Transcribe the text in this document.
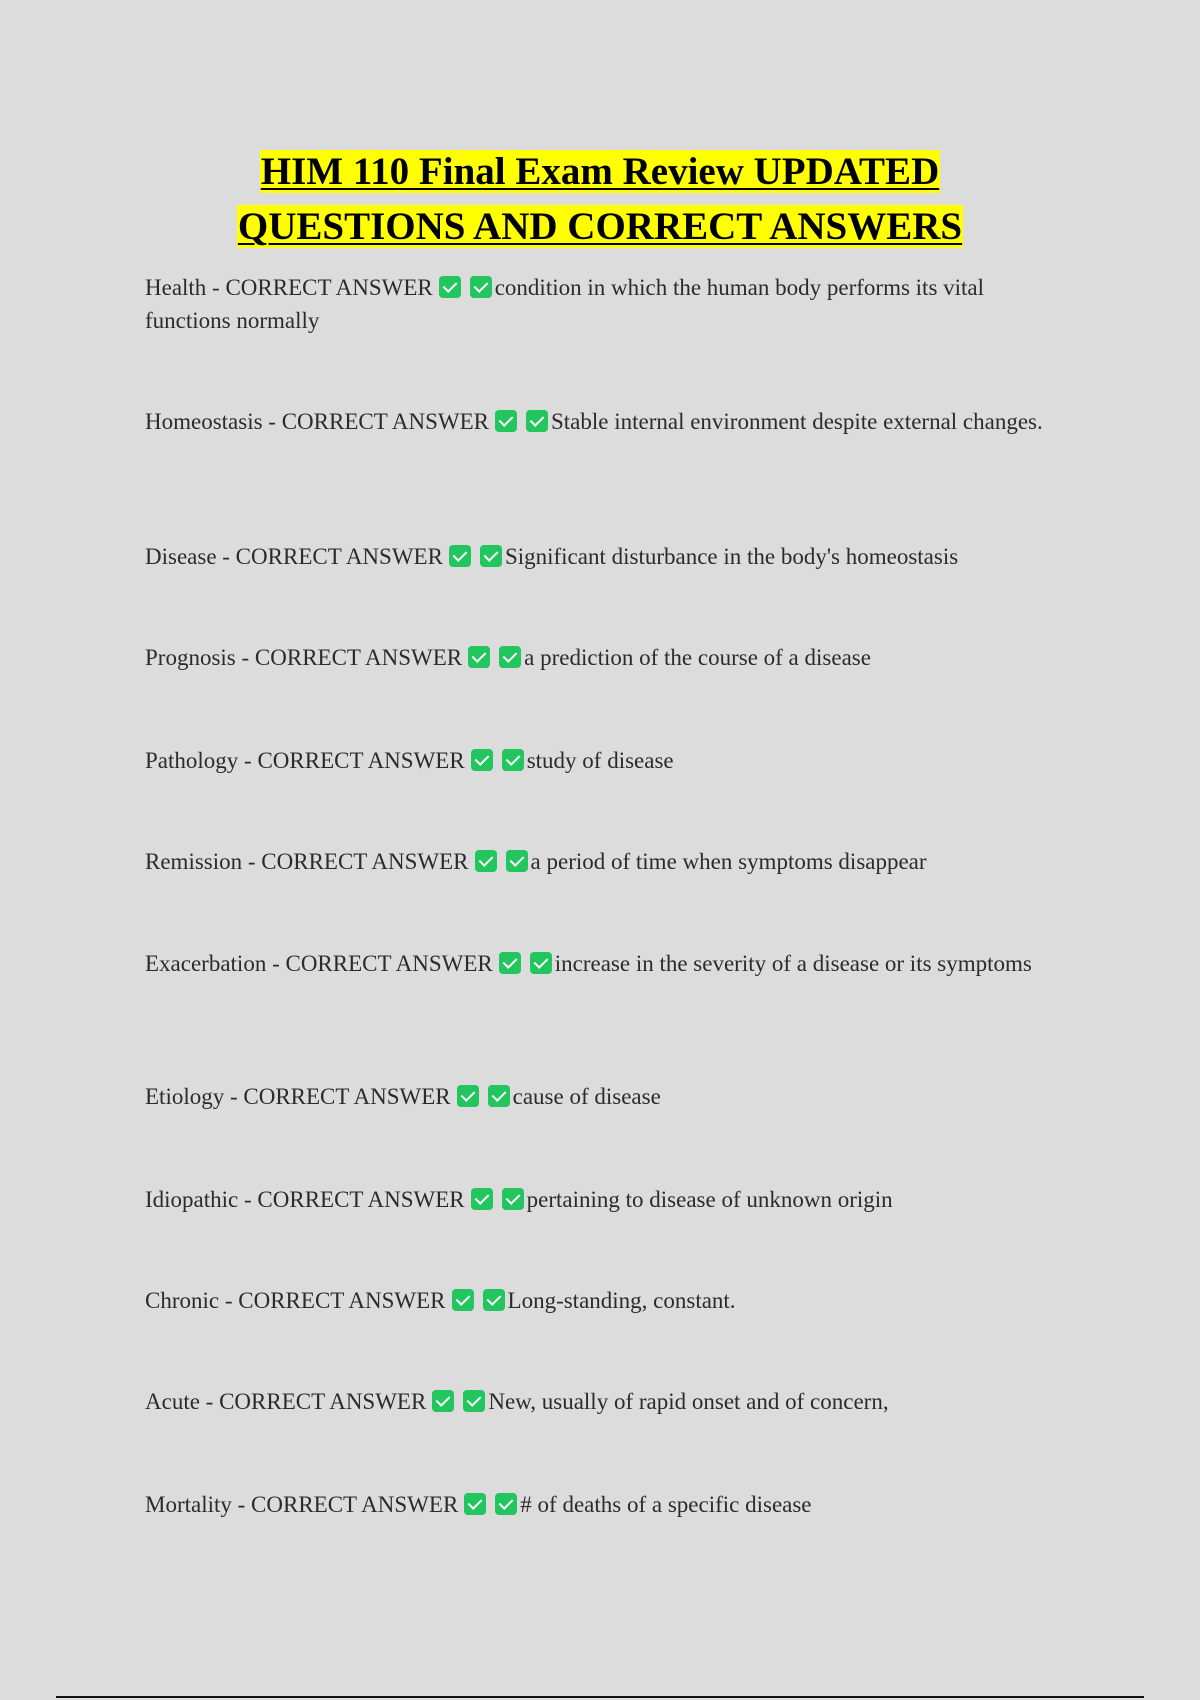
HIM 110 Final Exam Review UPDATED
QUESTIONS AND CORRECT ANSWERS
Health - CORRECT ANSWER	condition in which the human body performs its vital functions normally
Homeostasis - CORRECT ANSWER	Stable internal environment despite external changes.
Disease - CORRECT ANSWER	Significant disturbance in the body's homeostasis
Prognosis - CORRECT ANSWER	a prediction of the course of a disease
Pathology - CORRECT ANSWER	study of disease
Remission - CORRECT ANSWER	a period of time when symptoms disappear
Exacerbation - CORRECT ANSWER	increase in the severity of a disease or its symptoms
Etiology - CORRECT ANSWER	cause of disease
Idiopathic - CORRECT ANSWER	pertaining to disease of unknown origin
Chronic - CORRECT ANSWER	Long-standing, constant.
Acute - CORRECT ANSWER	New, usually of rapid onset and of concern,
Mortality - CORRECT ANSWER	# of deaths of a specific disease
